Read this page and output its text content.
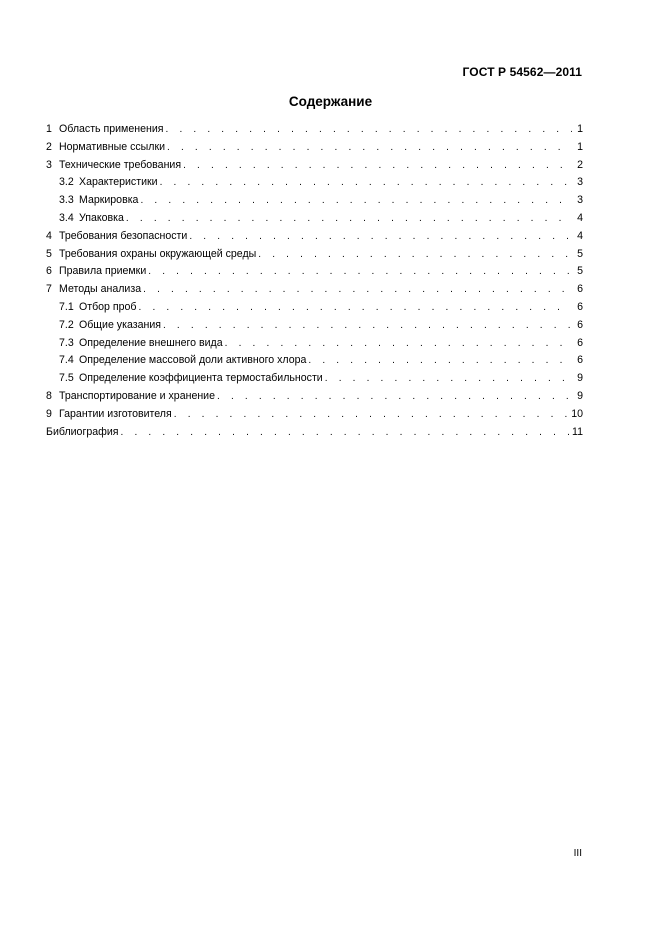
ГОСТ Р 54562—2011
Содержание
1 Область применения . . .	1
2 Нормативные ссылки . . .	1
3 Технические требования . . .	2
3.2 Характеристики . . .	3
3.3 Маркировка . . .	3
3.4 Упаковка . . .	4
4 Требования безопасности . . .	4
5 Требования охраны окружающей среды . . .	5
6 Правила приемки . . .	5
7 Методы анализа . . .	6
7.1 Отбор проб . . .	6
7.2 Общие указания . . .	6
7.3 Определение внешнего вида . . .	6
7.4 Определение массовой доли активного хлора . . .	6
7.5 Определение коэффициента термостабильности . . .	9
8 Транспортирование и хранение . . .	9
9 Гарантии изготовителя . . .	10
Библиография . . .	11
III
